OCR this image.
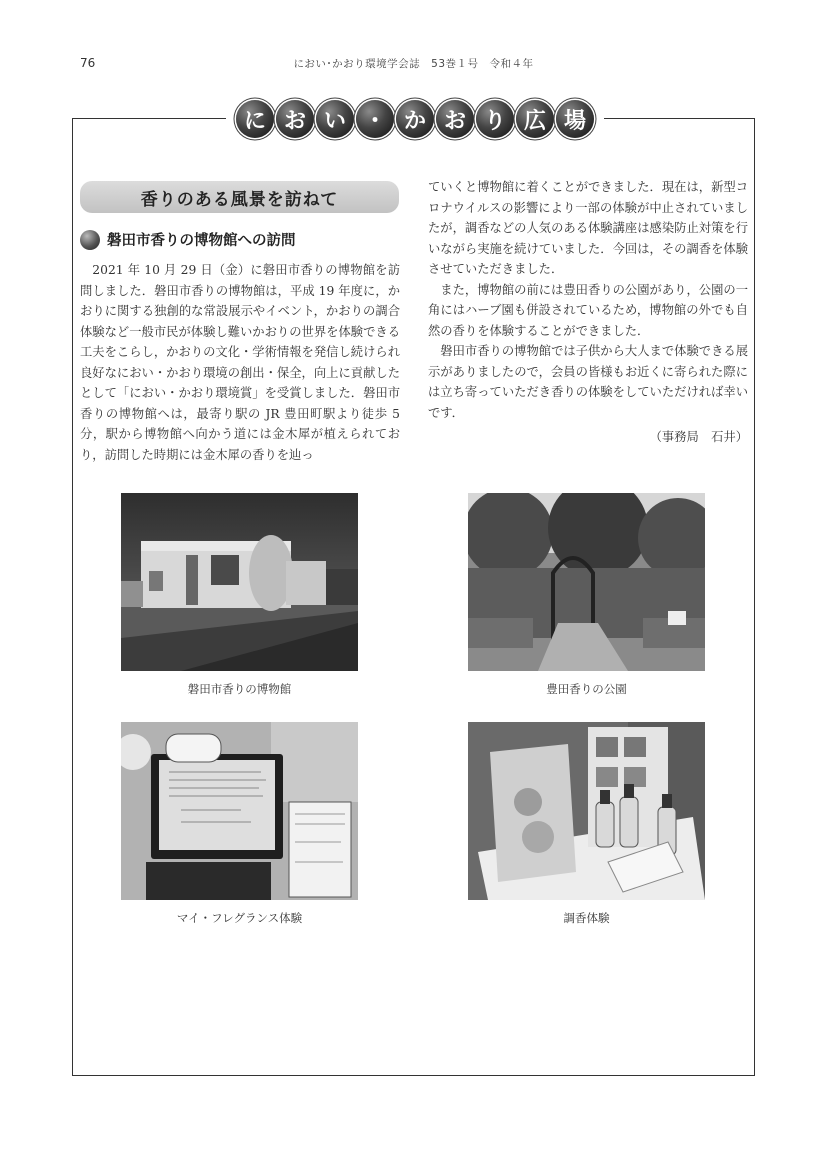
76	におい･かおり環境学会誌　53巻１号　令和４年
に お い ・ か お り 広 場
香りのある風景を訪ねて
磐田市香りの博物館への訪問

2021 年 10 月 29 日（金）に磐田市香りの博物館を訪問しました．磐田市香りの博物館は，平成 19 年度に，かおりに関する独創的な常設展示やイベント，かおりの調合体験など一般市民が体験し難いかおりの世界を体験できる工夫をこらし，かおりの文化・学術情報を発信し続けられ良好なにおい・かおり環境の創出・保全，向上に貢献したとして「におい・かおり環境賞」を受賞しました．磐田市香りの博物館へは，最寄り駅の JR 豊田町駅より徒歩 5 分，駅から博物館へ向かう道には金木犀が植えられており，訪問した時期には金木犀の香りを辿っ

ていくと博物館に着くことができました．現在は，新型コロナウイルスの影響により一部の体験が中止されていましたが，調香などの人気のある体験講座は感染防止対策を行いながら実施を続けていました．今回は，その調香を体験させていただきました．

また，博物館の前には豊田香りの公園があり，公園の一角にはハーブ園も併設されているため，博物館の外でも自然の香りを体験することができました．

磐田市香りの博物館では子供から大人まで体験できる展示がありましたので，会員の皆様もお近くに寄られた際には立ち寄っていただき香りの体験をしていただければ幸いです．

（事務局　石井）
磐田市香りの博物館	豊田香りの公園
マイ・フレグランス体験	調香体験
